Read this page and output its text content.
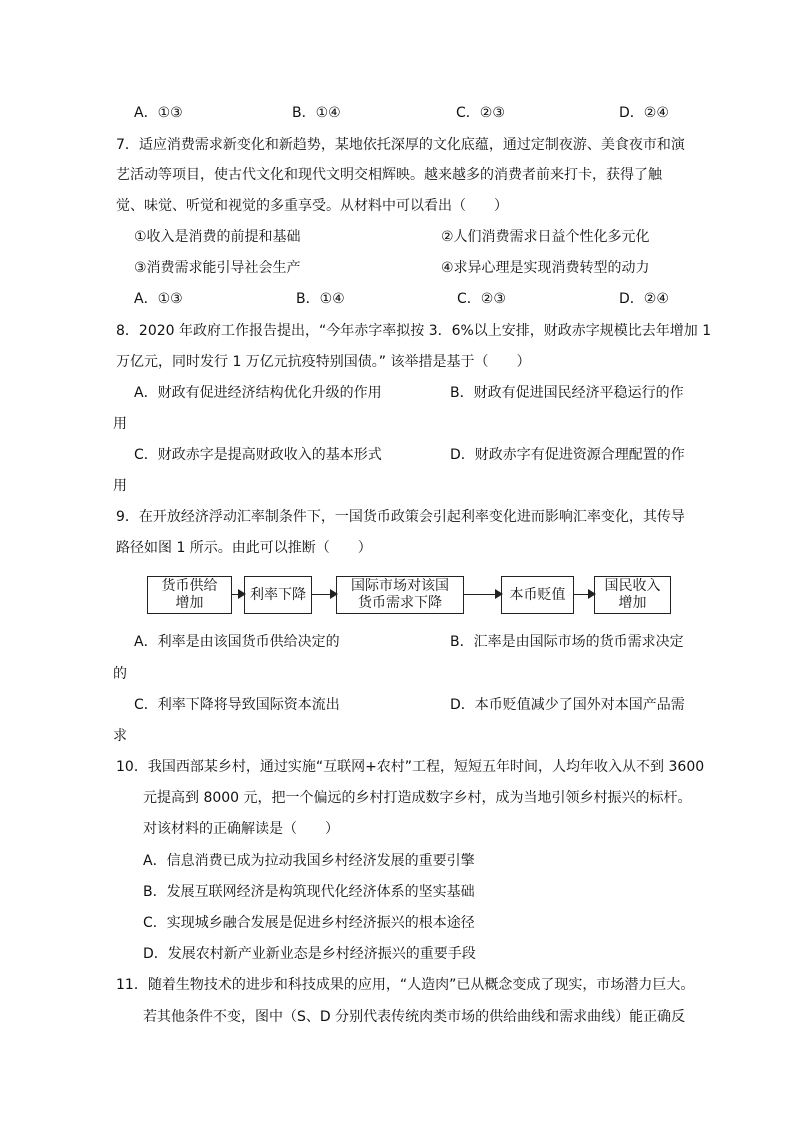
A．①③	B．①④	C．②③	D．②④
7．适应消费需求新变化和新趋势，某地依托深厚的文化底蕴，通过定制夜游、美食夜市和演
艺活动等项目，使古代文化和现代文明交相辉映。越来越多的消费者前来打卡，获得了触
觉、味觉、听觉和视觉的多重享受。从材料中可以看出（　　）
①收入是消费的前提和基础	②人们消费需求日益个性化多元化
③消费需求能引导社会生产	④求异心理是实现消费转型的动力
A．①③	B．①④	C．②③	D．②④
8．2020 年政府工作报告提出，“今年赤字率拟按 3．6%以上安排，财政赤字规模比去年增加 1
万亿元，同时发行 1 万亿元抗疫特别国债。” 该举措是基于（　　）
A．财政有促进经济结构优化升级的作用	B．财政有促进国民经济平稳运行的作
用
C．财政赤字是提高财政收入的基本形式	D．财政赤字有促进资源合理配置的作
用
9．在开放经济浮动汇率制条件下，一国货币政策会引起利率变化进而影响汇率变化，其传导
路径如图 1 所示。由此可以推断（　　）
货币供给
增加
利率下降
国际市场对该国
货币需求下降
本币贬值
国民收入
增加
A．利率是由该国货币供给决定的	B．汇率是由国际市场的货币需求决定
的
C．利率下降将导致国际资本流出	D．本币贬值减少了国外对本国产品需
求
10．我国西部某乡村，通过实施“互联网+农村”工程，短短五年时间，人均年收入从不到 3600
元提高到 8000 元，把一个偏远的乡村打造成数字乡村，成为当地引领乡村振兴的标杆。
对该材料的正确解读是（　　）
A．信息消费已成为拉动我国乡村经济发展的重要引擎
B．发展互联网经济是构筑现代化经济体系的坚实基础
C．实现城乡融合发展是促进乡村经济振兴的根本途径
D．发展农村新产业新业态是乡村经济振兴的重要手段
11．随着生物技术的进步和科技成果的应用，“人造肉”已从概念变成了现实，市场潜力巨大。
若其他条件不变，图中（S、D 分别代表传统肉类市场的供给曲线和需求曲线）能正确反
